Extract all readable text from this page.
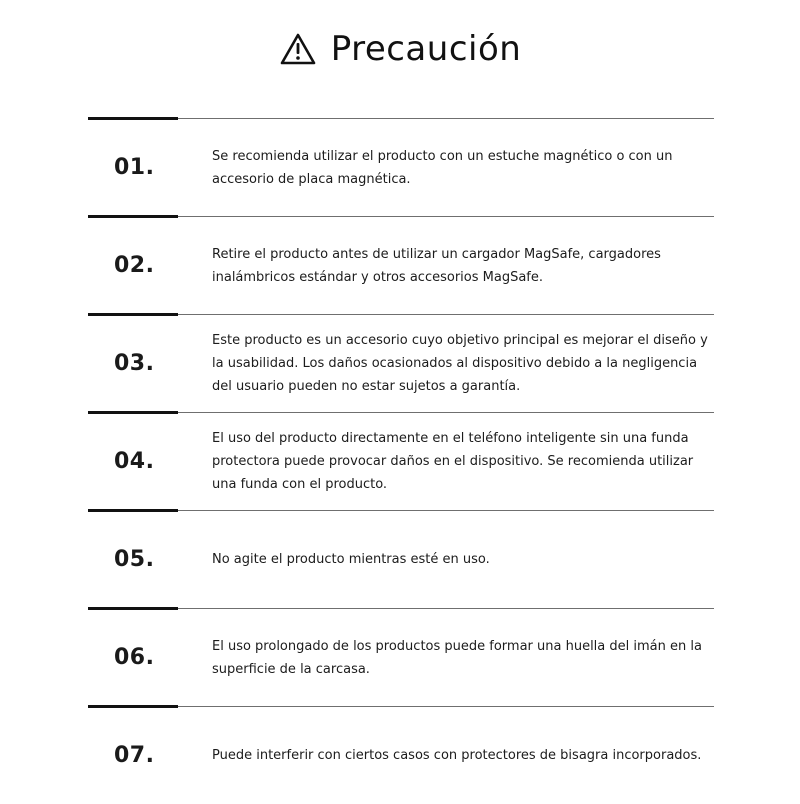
Precaución
01.	Se recomienda utilizar el producto con un estuche magnético o con un accesorio de placa magnética.
02.	Retire el producto antes de utilizar un cargador MagSafe, cargadores inalámbricos estándar y otros accesorios MagSafe.
03.
Este producto es un accesorio cuyo objetivo principal es mejorar el diseño y la usabilidad. Los daños ocasionados al dispositivo debido a la negligencia del usuario pueden no estar sujetos a garantía.
04.
El uso del producto directamente en el teléfono inteligente sin una funda protectora puede provocar daños en el dispositivo. Se recomienda utilizar una funda con el producto.
05.	No agite el producto mientras esté en uso.
06.	El uso prolongado de los productos puede formar una huella del imán en la superficie de la carcasa.
07.	Puede interferir con ciertos casos con protectores de bisagra incorporados.
